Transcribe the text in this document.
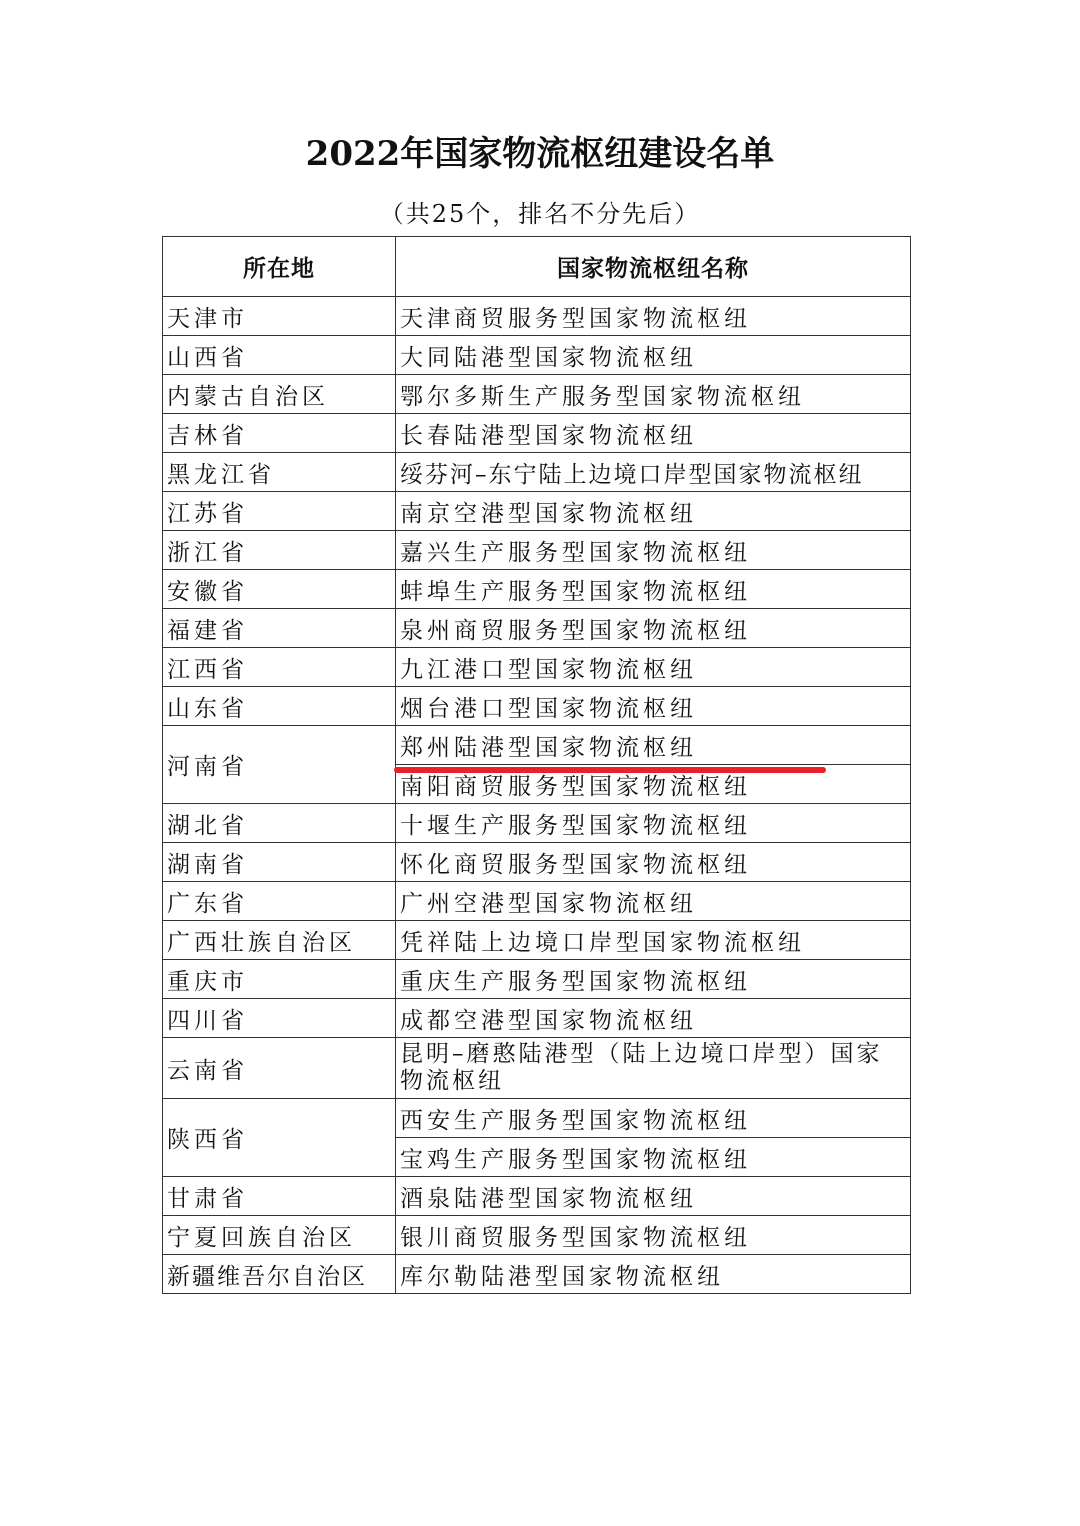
2022年国家物流枢纽建设名单
（共25个，排名不分先后）
所在地	国家物流枢纽名称
天津市	天津商贸服务型国家物流枢纽
山西省	大同陆港型国家物流枢纽
内蒙古自治区	鄂尔多斯生产服务型国家物流枢纽
吉林省	长春陆港型国家物流枢纽
黑龙江省	绥芬河–东宁陆上边境口岸型国家物流枢纽
江苏省	南京空港型国家物流枢纽
浙江省	嘉兴生产服务型国家物流枢纽
安徽省	蚌埠生产服务型国家物流枢纽
福建省	泉州商贸服务型国家物流枢纽
江西省	九江港口型国家物流枢纽
山东省	烟台港口型国家物流枢纽
河南省	郑州陆港型国家物流枢纽
	南阳商贸服务型国家物流枢纽
湖北省	十堰生产服务型国家物流枢纽
湖南省	怀化商贸服务型国家物流枢纽
广东省	广州空港型国家物流枢纽
广西壮族自治区	凭祥陆上边境口岸型国家物流枢纽
重庆市	重庆生产服务型国家物流枢纽
四川省	成都空港型国家物流枢纽
云南省	昆明–磨憨陆港型（陆上边境口岸型）国家物流枢纽
陕西省	西安生产服务型国家物流枢纽
	宝鸡生产服务型国家物流枢纽
甘肃省	酒泉陆港型国家物流枢纽
宁夏回族自治区	银川商贸服务型国家物流枢纽
新疆维吾尔自治区	库尔勒陆港型国家物流枢纽
